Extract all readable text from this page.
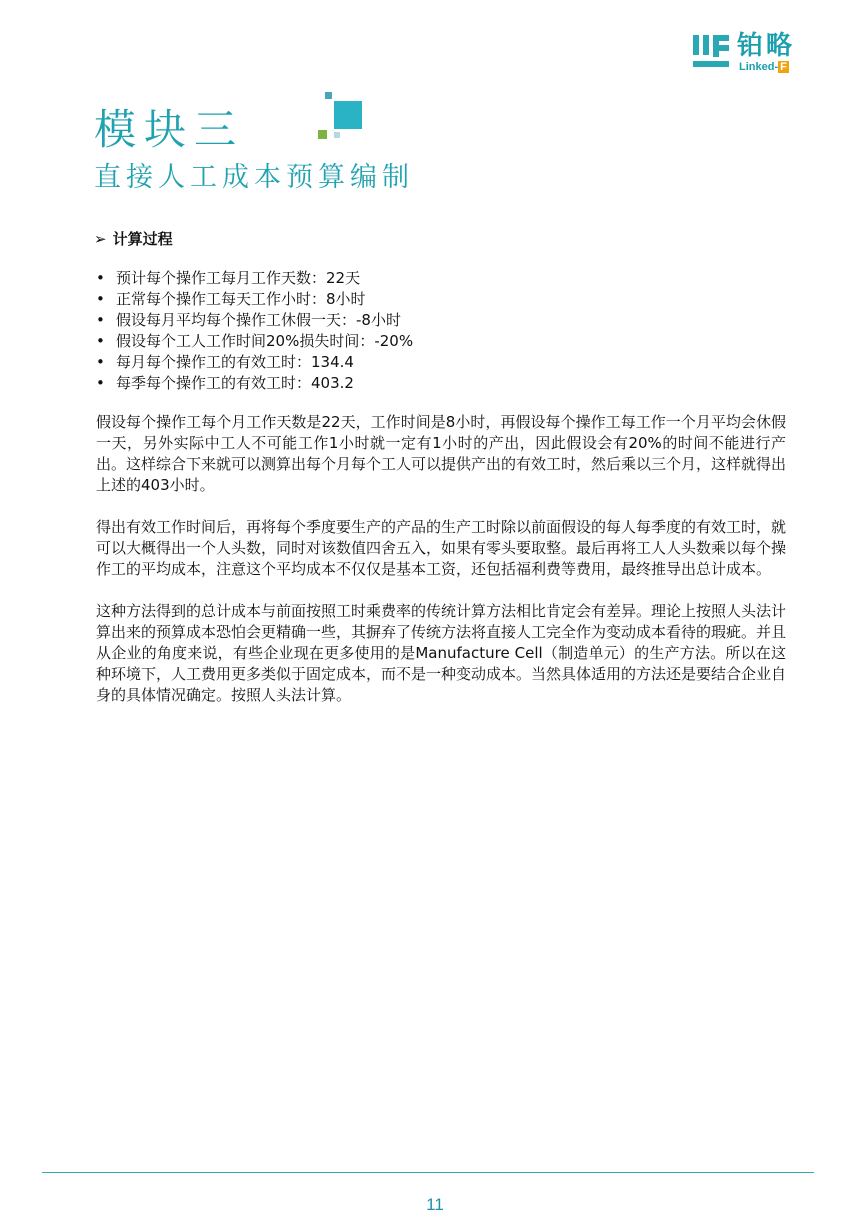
铂略
Linked- F
模块三
直接人工成本预算编制
➢ 计算过程
• 预计每个操作工每月工作天数：22天
• 正常每个操作工每天工作小时：8小时
• 假设每月平均每个操作工休假一天：-8小时
• 假设每个工人工作时间20%损失时间：-20%
• 每月每个操作工的有效工时：134.4
• 每季每个操作工的有效工时：403.2

假设每个操作工每个月工作天数是22天，工作时间是8小时，再假设每个操作工每工作一个月平均会休假一天，另外实际中工人不可能工作1小时就一定有1小时的产出，因此假设会有20%的时间不能进行产出。这样综合下来就可以测算出每个月每个工人可以提供产出的有效工时，然后乘以三个月，这样就得出上述的403小时。

得出有效工作时间后，再将每个季度要生产的产品的生产工时除以前面假设的每人每季度的有效工时，就可以大概得出一个人头数，同时对该数值四舍五入，如果有零头要取整。最后再将工人人头数乘以每个操作工的平均成本，注意这个平均成本不仅仅是基本工资，还包括福利费等费用，最终推导出总计成本。

这种方法得到的总计成本与前面按照工时乘费率的传统计算方法相比肯定会有差异。理论上按照人头法计算出来的预算成本恐怕会更精确一些，其摒弃了传统方法将直接人工完全作为变动成本看待的瑕疵。并且从企业的角度来说，有些企业现在更多使用的是Manufacture Cell（制造单元）的生产方法。所以在这种环境下，人工费用更多类似于固定成本，而不是一种变动成本。当然具体适用的方法还是要结合企业自身的具体情况确定。按照人头法计算。

11
